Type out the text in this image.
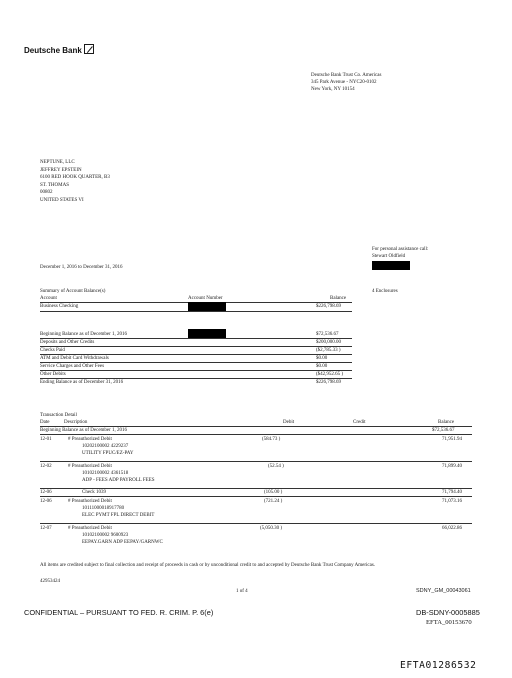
Deutsche Bank
Deutsche Bank Trust Co. Americas
345 Park Avenue - NYC20-0102
New York, NY 10154
NEPTUNE, LLC
JEFFREY EPSTEIN
6100 RED HOOK QUARTER, B3
ST. THOMAS
00802
UNITED STATES VI
For personal assistance call:
Stewart Oldfield
December 1, 2016 to December 31, 2016
Summary of Account Balance(s)	4 Enclosures
Account	Account Number	Balance
Business Checking	$226,798.69
Beginning Balance as of December 1, 2016	$72,536.67
Deposits and Other Credits	$200,000.00
Checks Paid	($2,785.33 )
ATM and Debit Card Withdrawals	$0.00
Service Charges and Other Fees	$0.00
Other Debits	($42,952.65 )
Ending Balance as of December 31, 2016	$226,798.69
Transaction Detail
Date	Description	Debit	Credit	Balance
Beginning Balance as of December 1, 2016	$72,536.67
12-01	# Preauthorized Debit
10202100002 4229237
UTILITY FPUC/EZ-PAY
(584.73 )	71,951.94
12-02	# Preauthorized Debit
10102100002 4361518
ADP - FEES ADP PAYROLL FEES
(52.54 )	71,899.40
12-06	Check 1039	(105.00 )	71,794.40
12-06	# Preauthorized Debit
10111000018917780
ELEC PYMT FPL DIRECT DEBIT
(721.24 )	71,073.16
12-07	# Preauthorized Debit
10102100002 9600923
EEPAY.GARN ADP EEPAY/GARNWC
(5,050.30 )	66,022.86
All items are credited subject to final collection and receipt of proceeds in cash or by unconditional credit to and accepted by Deutsche Bank Trust Company Americas.
42953424
1 of 4	SDNY_GM_00043061
CONFIDENTIAL – PURSUANT TO FED. R. CRIM. P. 6(e)	DB-SDNY-0005885
EFTA_00153670
EFTA01286532
